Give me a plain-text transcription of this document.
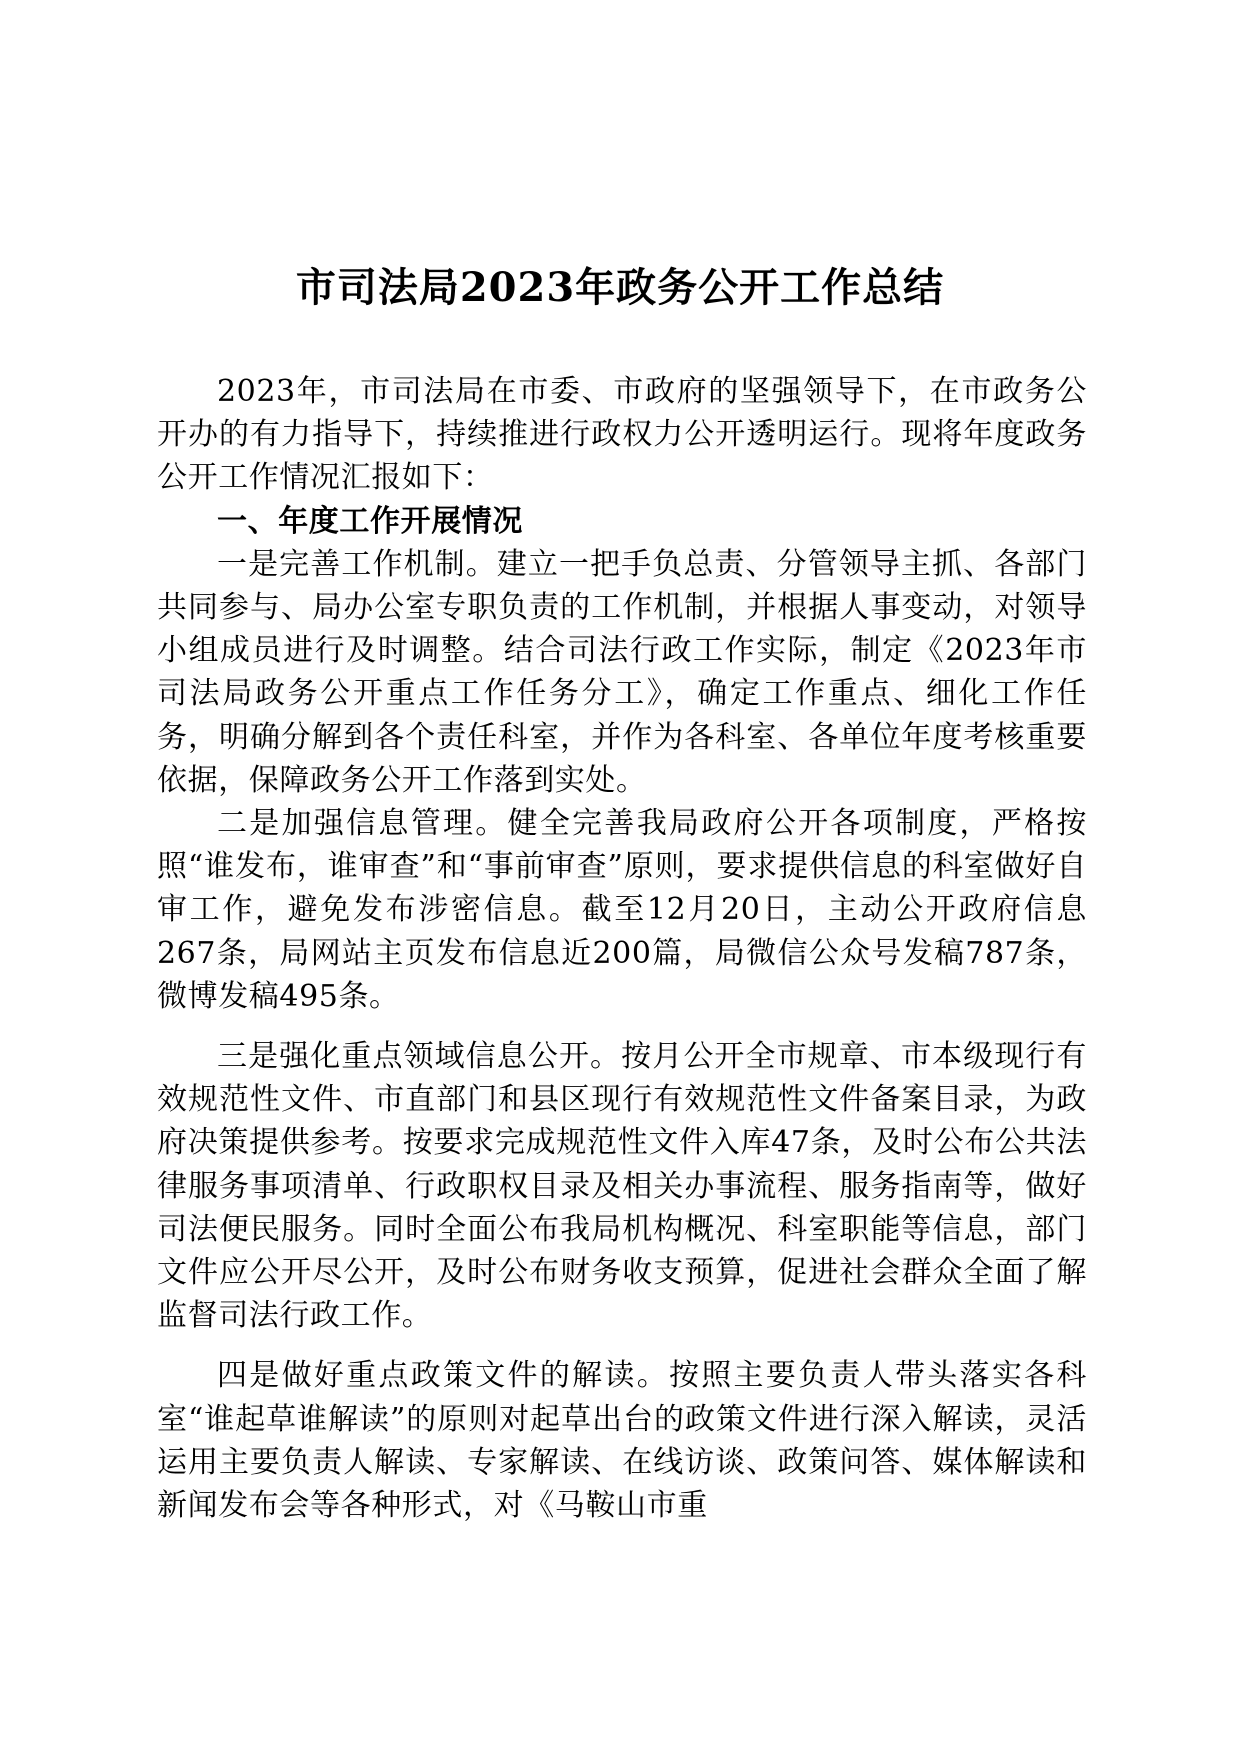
市司法局2023年政务公开工作总结

2023年，市司法局在市委、市政府的坚强领导下，在市政务公开办的有力指导下，持续推进行政权力公开透明运行。现将年度政务公开工作情况汇报如下：

一、年度工作开展情况

一是完善工作机制。建立一把手负总责、分管领导主抓、各部门共同参与、局办公室专职负责的工作机制，并根据人事变动，对领导小组成员进行及时调整。结合司法行政工作实际，制定《2023年市司法局政务公开重点工作任务分工》，确定工作重点、细化工作任务，明确分解到各个责任科室，并作为各科室、各单位年度考核重要依据，保障政务公开工作落到实处。

二是加强信息管理。健全完善我局政府公开各项制度，严格按照“谁发布，谁审查”和“事前审查”原则，要求提供信息的科室做好自审工作，避免发布涉密信息。截至12月20日，主动公开政府信息267条，局网站主页发布信息近200篇，局微信公众号发稿787条，微博发稿495条。

三是强化重点领域信息公开。按月公开全市规章、市本级现行有效规范性文件、市直部门和县区现行有效规范性文件备案目录，为政府决策提供参考。按要求完成规范性文件入库47条，及时公布公共法律服务事项清单、行政职权目录及相关办事流程、服务指南等，做好司法便民服务。同时全面公布我局机构概况、科室职能等信息，部门文件应公开尽公开，及时公布财务收支预算，促进社会群众全面了解监督司法行政工作。

四是做好重点政策文件的解读。按照主要负责人带头落实各科室“谁起草谁解读”的原则对起草出台的政策文件进行深入解读，灵活运用主要负责人解读、专家解读、在线访谈、政策问答、媒体解读和新闻发布会等各种形式，对《马鞍山市重
